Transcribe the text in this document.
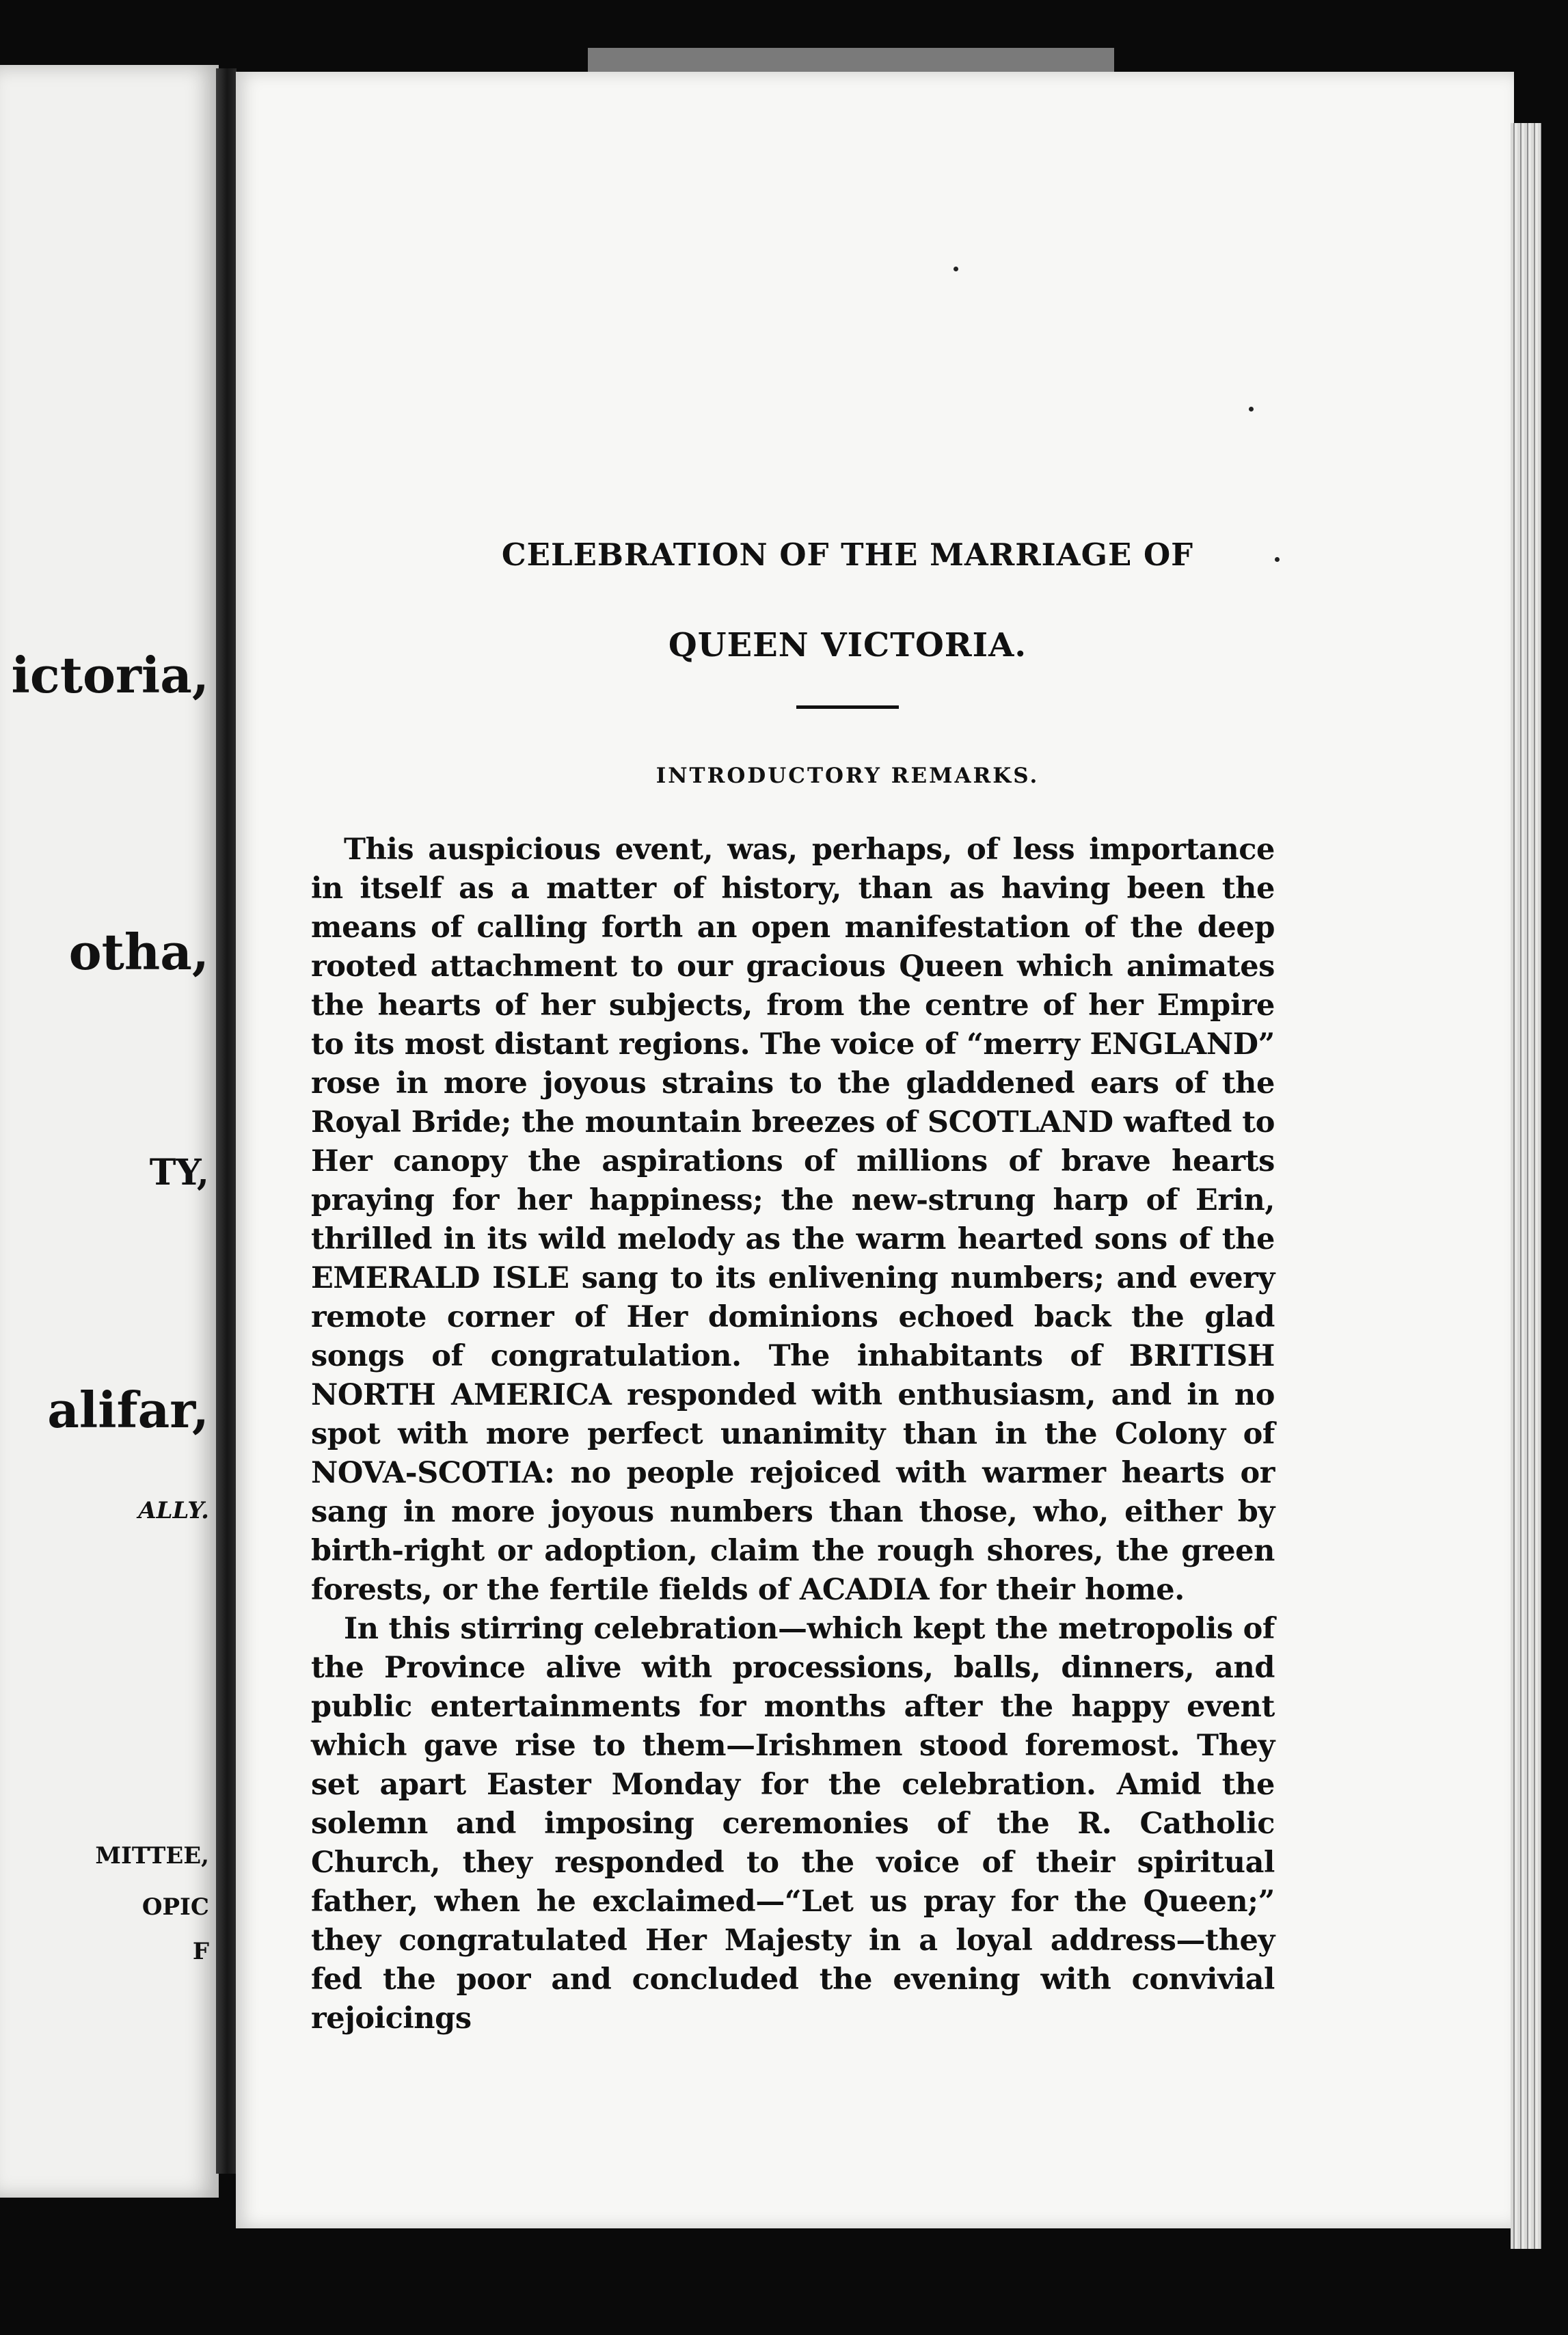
ictoria,
otha,
TY,
alifar,
ALLY.
MITTEE,
OPIC
F

CELEBRATION OF THE MARRIAGE OF

QUEEN VICTORIA.

INTRODUCTORY REMARKS.

This auspicious event, was, perhaps, of less importance in itself as a matter of history, than as having been the means of calling forth an open manifestation of the deep rooted attachment to our gracious Queen which animates the hearts of her subjects, from the centre of her Empire to its most distant regions. The voice of “merry ENGLAND” rose in more joyous strains to the gladdened ears of the Royal Bride; the mountain breezes of SCOTLAND wafted to Her canopy the aspirations of millions of brave hearts praying for her happiness; the new-strung harp of Erin, thrilled in its wild melody as the warm hearted sons of the EMERALD ISLE sang to its enlivening numbers; and every remote corner of Her dominions echoed back the glad songs of congratulation. The inhabitants of BRITISH NORTH AMERICA responded with enthusiasm, and in no spot with more perfect unanimity than in the Colony of NOVA-SCOTIA: no people rejoiced with warmer hearts or sang in more joyous numbers than those, who, either by birth-right or adoption, claim the rough shores, the green forests, or the fertile fields of ACADIA for their home.

In this stirring celebration—which kept the metropolis of the Province alive with processions, balls, dinners, and public entertainments for months after the happy event which gave rise to them—Irishmen stood foremost. They set apart Easter Monday for the celebration. Amid the solemn and imposing ceremonies of the R. Catholic Church, they responded to the voice of their spiritual father, when he exclaimed—“Let us pray for the Queen;” they congratulated Her Majesty in a loyal address—they fed the poor and concluded the evening with convivial rejoicings
